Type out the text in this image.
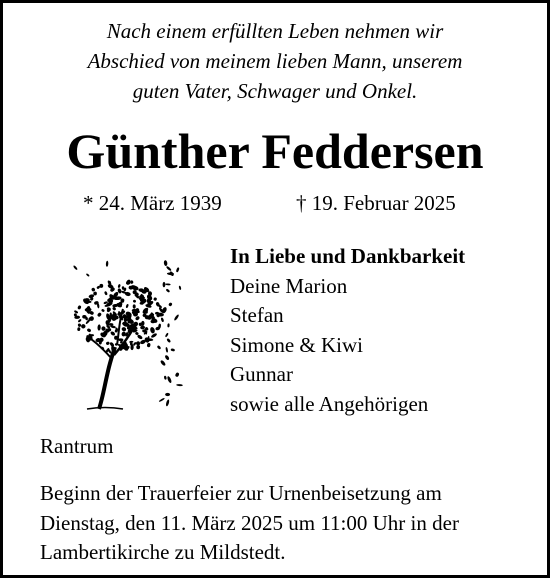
Nach einem erfüllten Leben nehmen wir
Abschied von meinem lieben Mann, unserem
guten Vater, Schwager und Onkel.
Günther Feddersen
* 24. März 1939	† 19. Februar 2025
In Liebe und Dankbarkeit
Deine Marion
Stefan
Simone & Kiwi
Gunnar
sowie alle Angehörigen
Rantrum
Beginn der Trauerfeier zur Urnenbeisetzung am
Dienstag, den 11. März 2025 um 11:00 Uhr in der
Lambertikirche zu Mildstedt.
